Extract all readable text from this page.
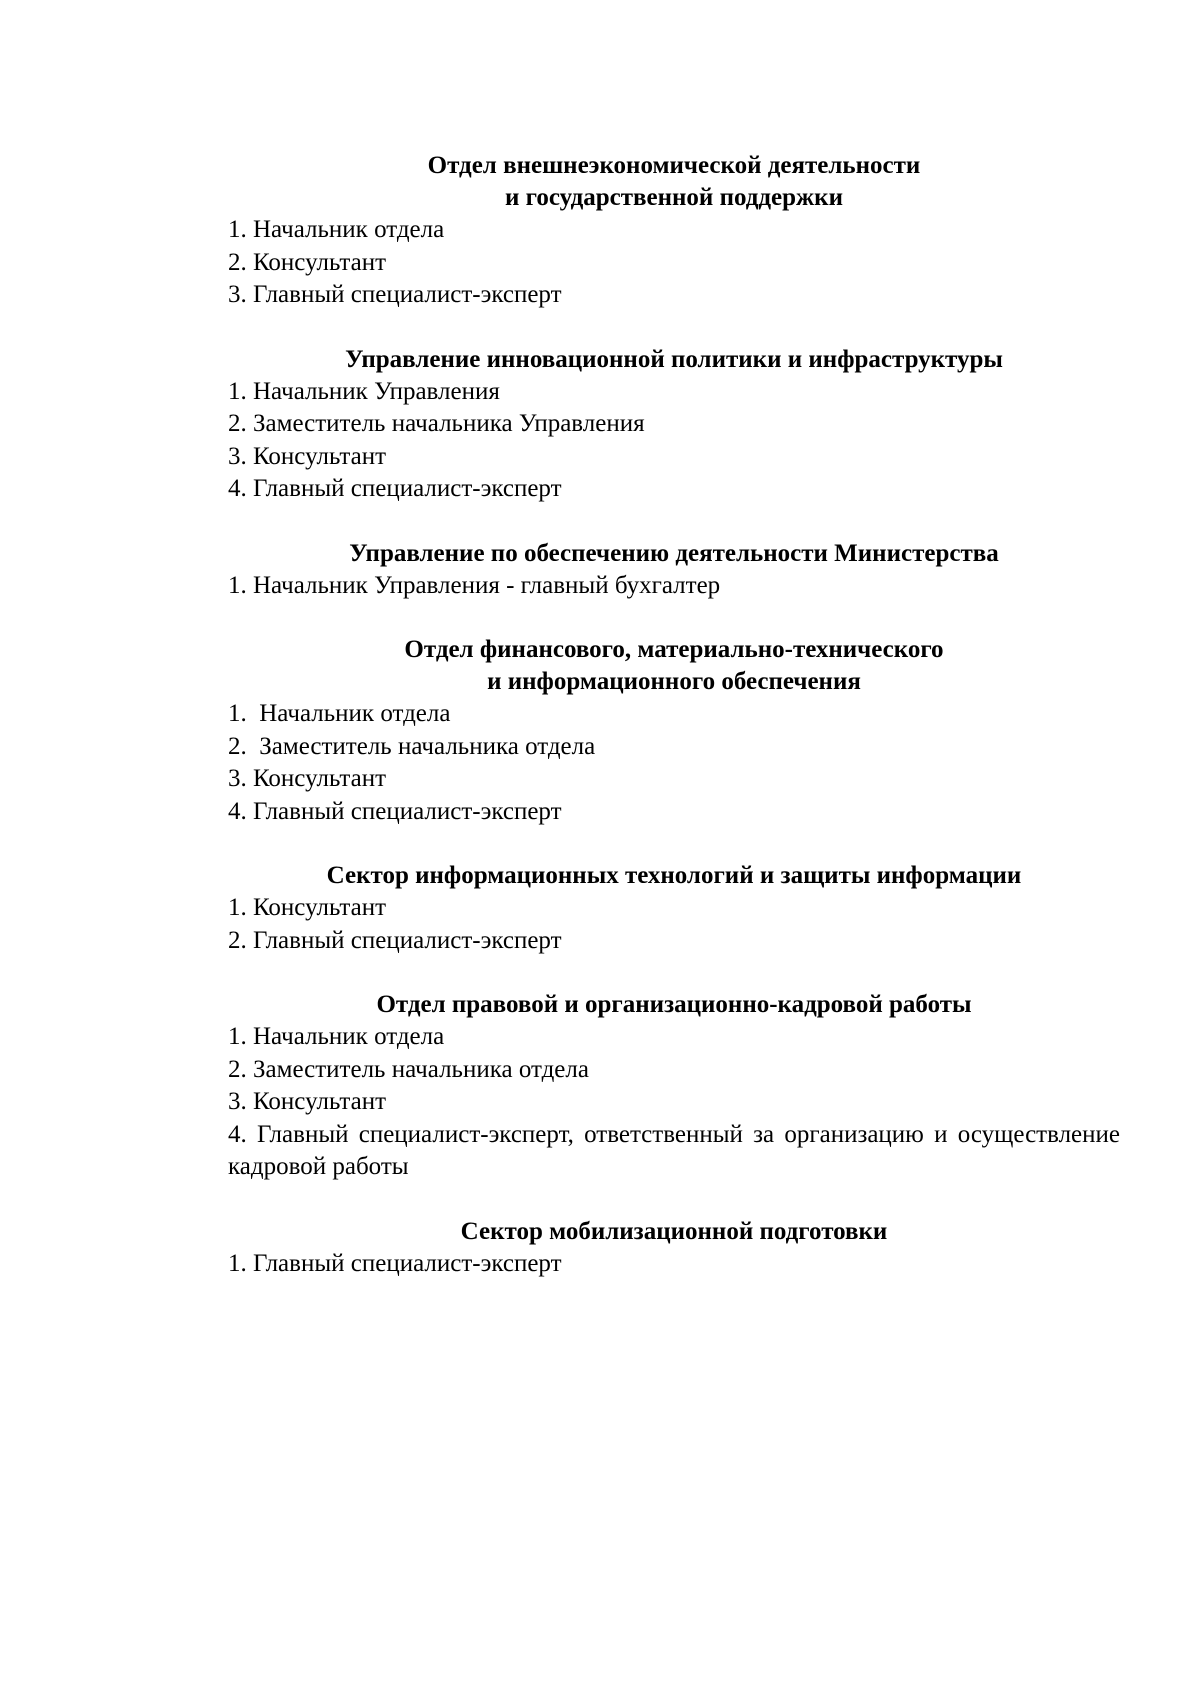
Отдел внешнеэкономической деятельности
и государственной поддержки
1. Начальник отдела
2. Консультант
3. Главный специалист-эксперт
Управление инновационной политики и инфраструктуры
1. Начальник Управления
2. Заместитель начальника Управления
3. Консультант
4. Главный специалист-эксперт
Управление по обеспечению деятельности Министерства
1. Начальник Управления - главный бухгалтер
Отдел финансового, материально-технического
и информационного обеспечения
1.  Начальник отдела
2.  Заместитель начальника отдела
3. Консультант
4. Главный специалист-эксперт
Сектор информационных технологий и защиты информации
1. Консультант
2. Главный специалист-эксперт
Отдел правовой и организационно-кадровой работы
1. Начальник отдела
2. Заместитель начальника отдела
3. Консультант
4. Главный специалист-эксперт, ответственный за организацию и осуществление кадровой работы
Сектор мобилизационной подготовки
1. Главный специалист-эксперт
